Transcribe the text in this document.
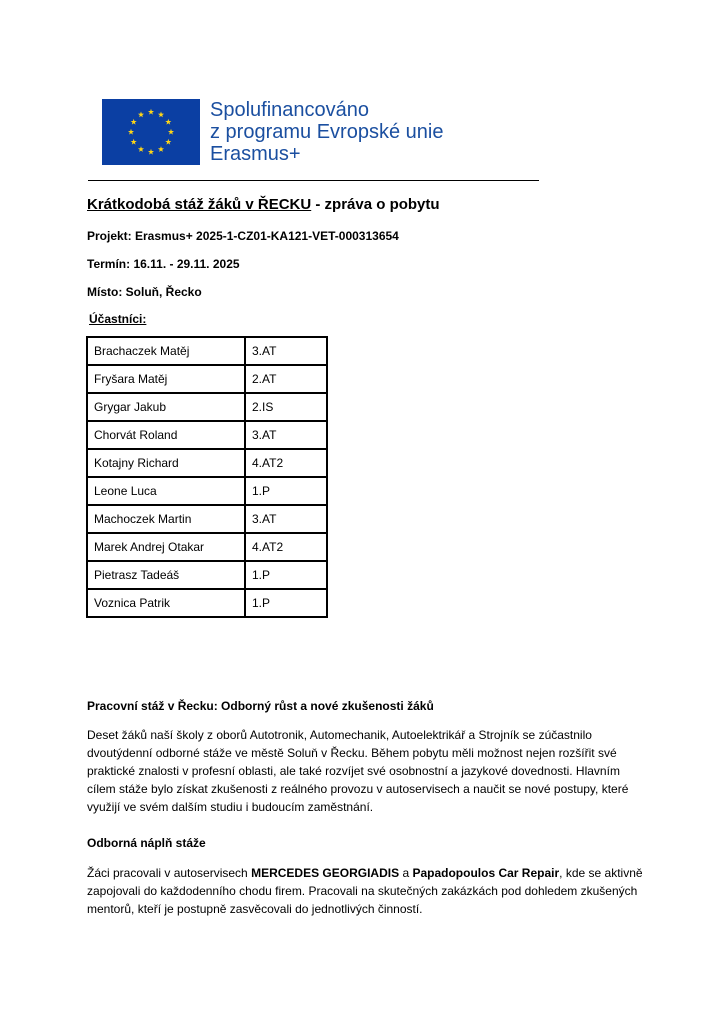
Spolufinancováno
z programu Evropské unie
Erasmus+
Krátkodobá stáž žáků v ŘECKU - zpráva o pobytu
Projekt: Erasmus+ 2025-1-CZ01-KA121-VET-000313654
Termín: 16.11. - 29.11. 2025
Místo: Soluň, Řecko
Účastníci:
Brachaczek Matěj	3.AT
Fryšara Matěj	2.AT
Grygar Jakub	2.IS
Chorvát Roland	3.AT
Kotajny Richard	4.AT2
Leone Luca	1.P
Machoczek Martin	3.AT
Marek Andrej Otakar	4.AT2
Pietrasz Tadeáš	1.P
Voznica Patrik	1.P
Pracovní stáž v Řecku: Odborný růst a nové zkušenosti žáků
Deset žáků naší školy z oborů Autotronik, Automechanik, Autoelektrikář a Strojník se zúčastnilo dvoutýdenní odborné stáže ve městě Soluň v Řecku. Během pobytu měli možnost nejen rozšířit své praktické znalosti v profesní oblasti, ale také rozvíjet své osobnostní a jazykové dovednosti. Hlavním cílem stáže bylo získat zkušenosti z reálného provozu v autoservisech a naučit se nové postupy, které využijí ve svém dalším studiu i budoucím zaměstnání.
Odborná náplň stáže
Žáci pracovali v autoservisech MERCEDES GEORGIADIS a Papadopoulos Car Repair, kde se aktivně zapojovali do každodenního chodu firem. Pracovali na skutečných zakázkách pod dohledem zkušených mentorů, kteří je postupně zasvěcovali do jednotlivých činností.
